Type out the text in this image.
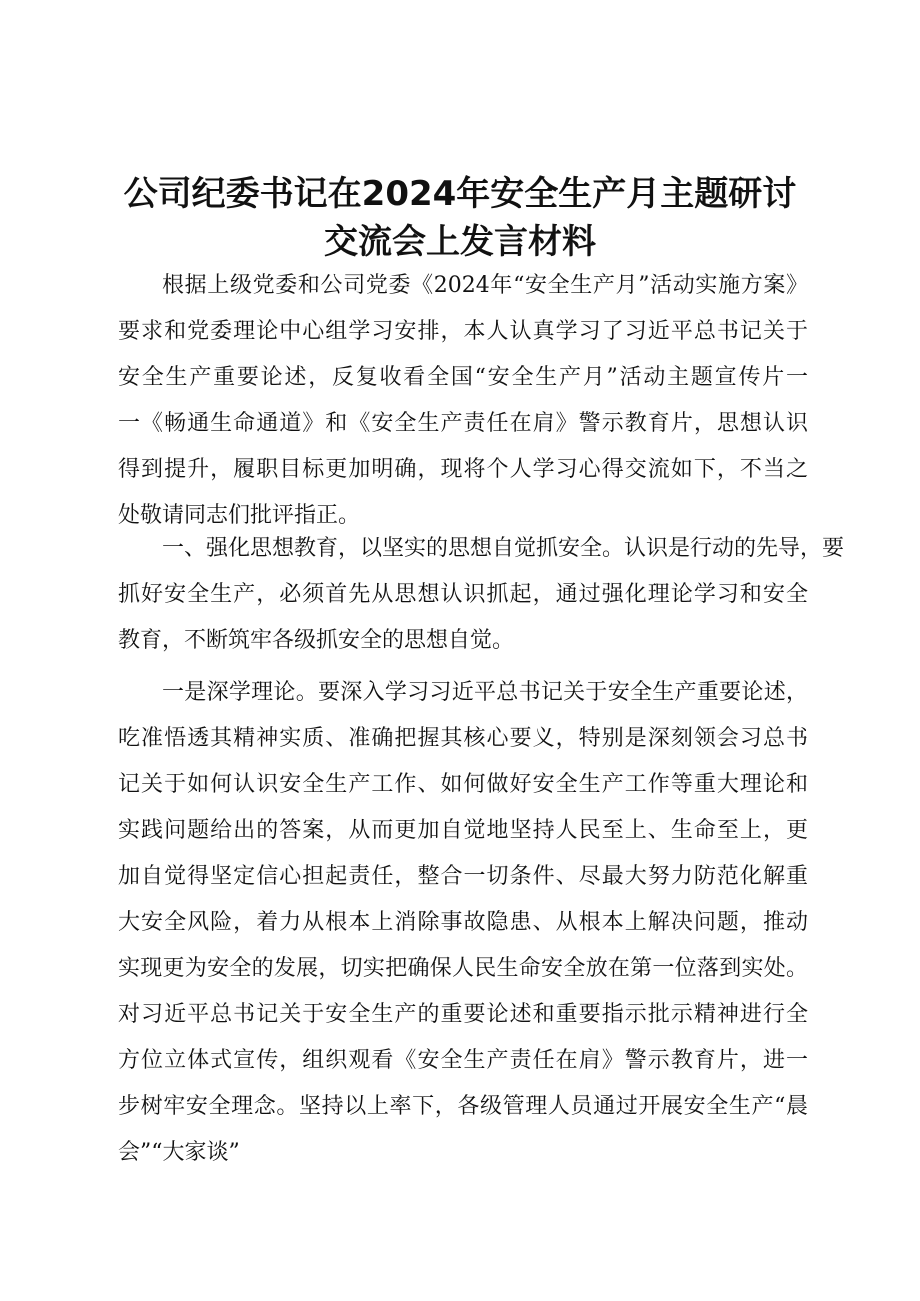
公司纪委书记在2024年安全生产月主题研讨
交流会上发言材料
根据上级党委和公司党委《2024年“安全生产月”活动实施方案》
要求和党委理论中心组学习安排，本人认真学习了习近平总书记关于
安全生产重要论述，反复收看全国“安全生产月”活动主题宣传片一
一《畅通生命通道》和《安全生产责任在肩》警示教育片，思想认识
得到提升，履职目标更加明确，现将个人学习心得交流如下，不当之
处敬请同志们批评指正。
一、强化思想教育，以坚实的思想自觉抓安全。认识是行动的先导，要
抓好安全生产，必须首先从思想认识抓起，通过强化理论学习和安全
教育，不断筑牢各级抓安全的思想自觉。
一是深学理论。要深入学习习近平总书记关于安全生产重要论述，
吃准悟透其精神实质、准确把握其核心要义，特别是深刻领会习总书
记关于如何认识安全生产工作、如何做好安全生产工作等重大理论和
实践问题给出的答案，从而更加自觉地坚持人民至上、生命至上，更
加自觉得坚定信心担起责任，整合一切条件、尽最大努力防范化解重
大安全风险，着力从根本上消除事故隐患、从根本上解决问题，推动
实现更为安全的发展，切实把确保人民生命安全放在第一位落到实处。
对习近平总书记关于安全生产的重要论述和重要指示批示精神进行全
方位立体式宣传，组织观看《安全生产责任在肩》警示教育片，进一
步树牢安全理念。坚持以上率下，各级管理人员通过开展安全生产“晨
会”“大家谈”
